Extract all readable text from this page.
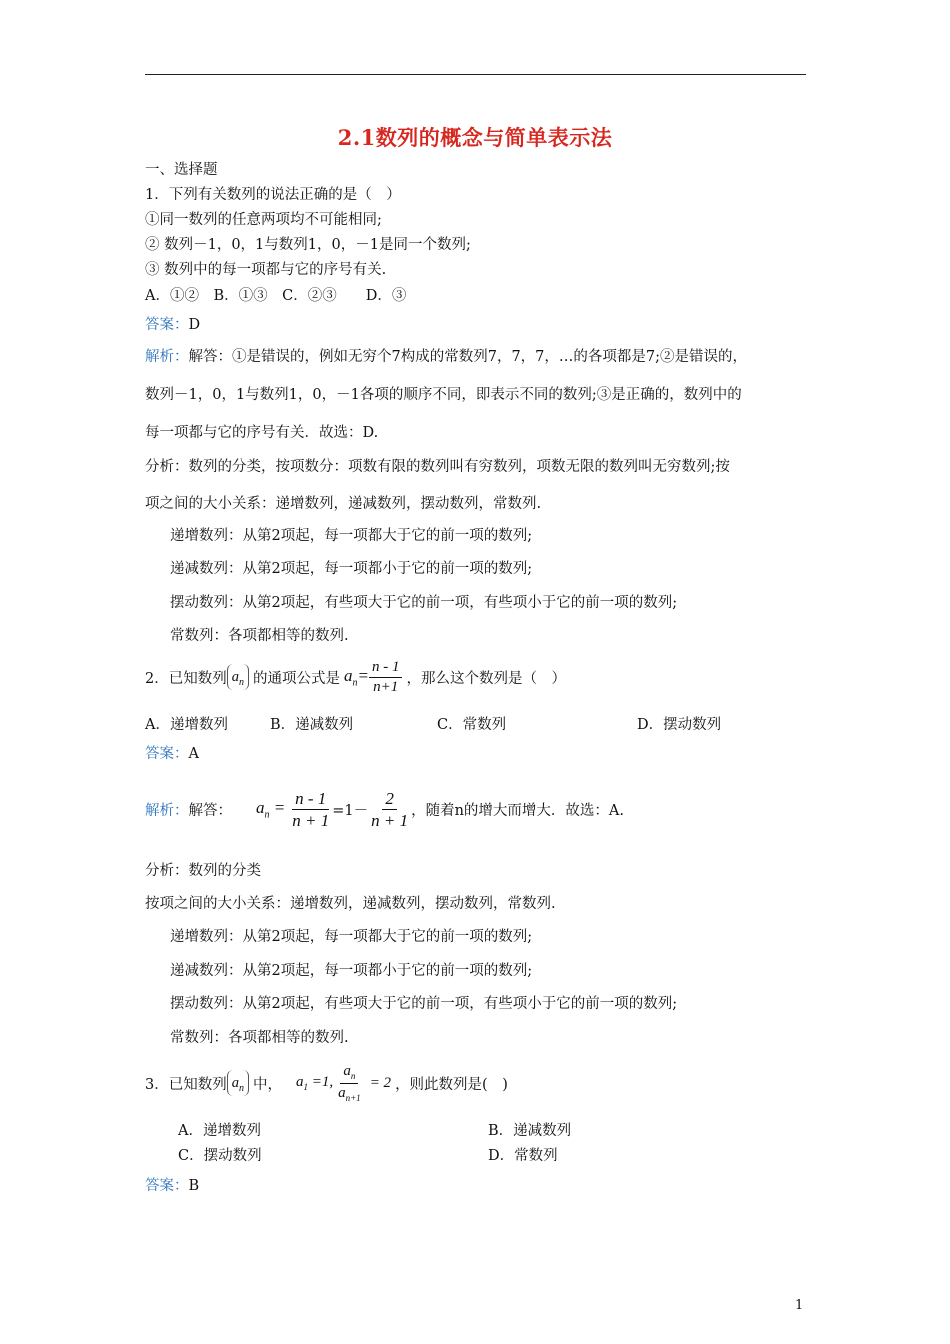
2.1数列的概念与简单表示法
一、选择题
1．下列有关数列的说法正确的是（　）
①同一数列的任意两项均不可能相同;
② 数列－1，0，1与数列1，0，－1是同一个数列;
③ 数列中的每一项都与它的序号有关.
A．①②　B．①③　C．②③　　D．③
答案：D
解析：解答：①是错误的，例如无穷个7构成的常数列7，7，7，…的各项都是7;②是错误的，
数列－1，0，1与数列1，0，－1各项的顺序不同，即表示不同的数列;③是正确的，数列中的
每一项都与它的序号有关．故选：D.
分析：数列的分类，按项数分：项数有限的数列叫有穷数列，项数无限的数列叫无穷数列;按
项之间的大小关系：递增数列，递减数列，摆动数列，常数列.
递增数列：从第2项起，每一项都大于它的前一项的数列;
递减数列：从第2项起，每一项都小于它的前一项的数列;
摆动数列：从第2项起，有些项大于它的前一项，有些项小于它的前一项的数列;
常数列：各项都相等的数列.
2．已知数列 $a_n$ 的通项公式是 $a_n= \frac{n - 1}{n+1}$ ，那么这个数列是（　）
A．递增数列	B．递减数列	C．常数列	D．摆动数列
答案：A
解析： 解答： $a_n = \frac{n - 1}{n + 1} =1- \frac{2}{n + 1}$ ，随着n的增大而增大．故选：A.
分析：数列的分类
按项之间的大小关系：递增数列，递减数列，摆动数列，常数列.
递增数列：从第2项起，每一项都大于它的前一项的数列;
递减数列：从第2项起，每一项都小于它的前一项的数列;
摆动数列：从第2项起，有些项大于它的前一项，有些项小于它的前一项的数列;
常数列：各项都相等的数列.
3．已知数列 $a_n$ 中， $a_1 =1$, $\frac{a_n}{a_{n+1}} = 2$ ，则此数列是(　)
A．递增数列	B．递减数列
C．摆动数列	D．常数列
答案：B
1
